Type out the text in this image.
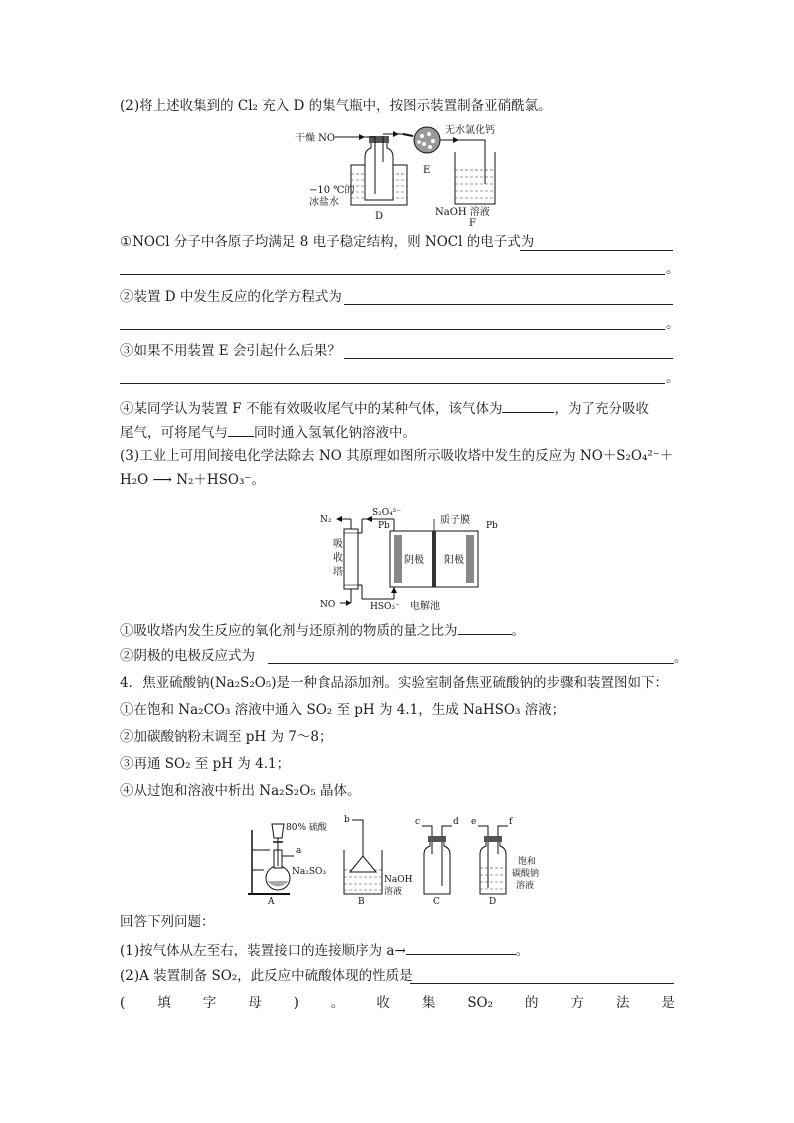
(2)将上述收集到的 Cl₂ 充入 D 的集气瓶中，按图示装置制备亚硝酰氯。
干燥 NO
无水氯化钙
E
−10 ℃的
冰盐水
D	NaOH 溶液
F
①NOCl 分子中各原子均满足 8 电子稳定结构，则 NOCl 的电子式为
。
②装置 D 中发生反应的化学方程式为
。
③如果不用装置 E 会引起什么后果？
。
④某同学认为装置 F 不能有效吸收尾气中的某种气体，该气体为	，为了充分吸收
尾气，可将尾气与 同时通入氢氧化钠溶液中。
(3)工业上可用间接电化学法除去 NO 其原理如图所示吸收塔中发生的反应为 NO＋S₂O₄²⁻＋
H₂O ⟶ N₂＋HSO₃⁻。
N₂
S₂O₄²⁻
质子膜
Pb	Pb
吸
收
塔
阴极 阳极
NO	HSO₃⁻ 电解池
①吸收塔内发生反应的氧化剂与还原剂的物质的量之比为	。
②阴极的电极反应式为	。
4．焦亚硫酸钠(Na₂S₂O₅)是一种食品添加剂。实验室制备焦亚硫酸钠的步骤和装置图如下：
①在饱和 Na₂CO₃ 溶液中通入 SO₂ 至 pH 为 4.1，生成 NaHSO₃ 溶液；
②加碳酸钠粉末调至 pH 为 7～8；
③再通 SO₂ 至 pH 为 4.1；
④从过饱和溶液中析出 Na₂S₂O₅ 晶体。
80% 硫酸
a
Na₂SO₃
A
b
NaOH
溶液
B
c	d
C
e	f
饱和
碳酸钠
溶液
D
回答下列问题：
(1)按气体从左至右，装置接口的连接顺序为 a→	。
(2)A 装置制备 SO₂，此反应中硫酸体现的性质是
( 填 字 母 ) 。 收 集 SO₂ 的 方 法 是
